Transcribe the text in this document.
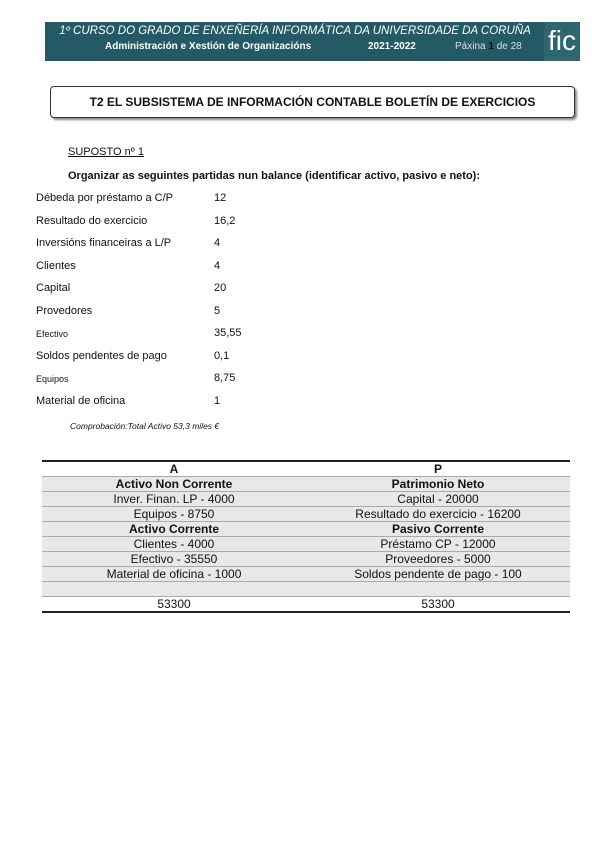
1º CURSO DO GRADO DE ENXEÑERÍA INFORMÁTICA DA UNIVERSIDADE DA CORUÑA
Administración e Xestión de Organizacións	2021-2022	Páxina 1 de 28 fic
T2 EL SUBSISTEMA DE INFORMACIÓN CONTABLE BOLETÍN DE EXERCICIOS
SUPOSTO nº 1
Organizar as seguintes partidas nun balance (identificar activo, pasivo e neto):
Débeda por préstamo a C/P	12
Resultado do exercicio	16,2
Inversións financeiras a L/P	4
Clientes	4
Capital	20
Provedores	5
Efectivo	35,55
Soldos pendentes de pago	0,1
Equipos	8,75
Material de oficina	1
Comprobación:Total Activo 53,3 miles €
A	P
Activo Non Corrente	Patrimonio Neto
Inver. Finan. LP - 4000	Capital - 20000
Equipos - 8750	Resultado do exercicio - 16200
Activo Corrente	Pasivo Corrente
Clientes - 4000	Préstamo CP - 12000
Efectivo - 35550	Proveedores - 5000
Material de oficina - 1000	Soldos pendente de pago - 100

53300	53300
